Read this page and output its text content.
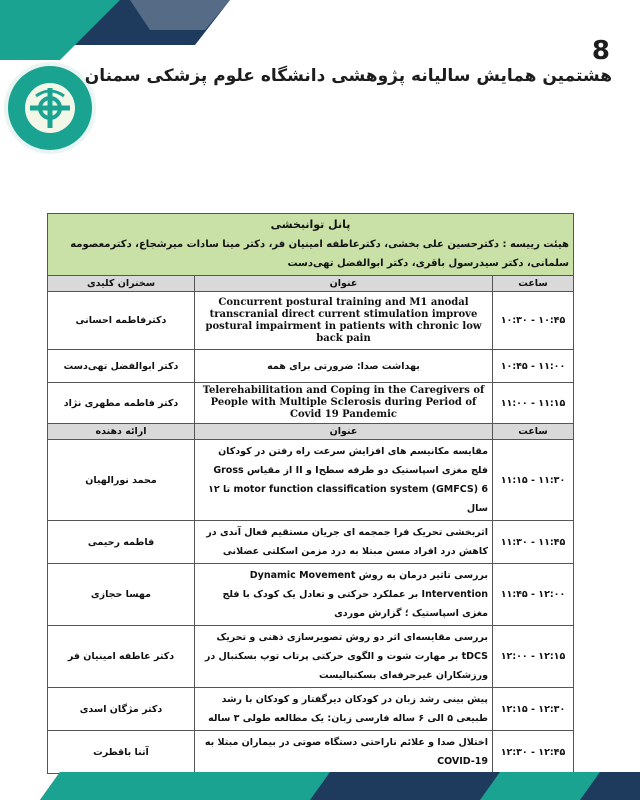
8
هشتمین همایش سالیانه پژوهشی دانشگاه علوم پزشکی سمنان
پانل توانبخشی
هیئت رییسه : دکترحسین علی بخشی، دکترعاطفه امینیان فر، دکتر مینا سادات میرشجاع، دکترمعصومه سلمانی، دکتر سیدرسول باقری، دکتر ابوالفضل تهی‌دست		

ساعت	عنوان	سخنران کلیدی
۱۰:۳۰ - ۱۰:۴۵	Concurrent postural training and M1 anodal transcranial direct current stimulation improve postural impairment in patients with chronic low back pain	دکترفاطمه احسانی
۱۰:۴۵ - ۱۱:۰۰	بهداشت صدا: ضرورتی برای همه	دکتر ابوالفضل تهی‌دست
۱۱:۰۰ - ۱۱:۱۵	Telerehabilitation and Coping in the Caregivers of People with Multiple Sclerosis during Period of Covid 19 Pandemic	دکتر فاطمه مطهری نژاد
ساعت	عنوان	ارائه دهنده
۱۱:۱۵ - ۱۱:۳۰	مقایسه مکانیسم های افزایش سرعت راه رفتن در کودکان فلج مغزی اسپاستیک دو طرفه سطحI و II از مقیاس Gross motor function classification system (GMFCS) 6 تا ۱۲ سال	محمد نورالهیان
۱۱:۳۰ - ۱۱:۴۵	اثربخشی تحریک فرا جمجمه ای جریان مستقیم فعال آندی در کاهش درد افراد مسن مبتلا به درد مزمن اسکلتی عضلانی	فاطمه رحیمی
۱۱:۴۵ - ۱۲:۰۰	بررسی تاثیر درمان به روش Dynamic Movement Intervention بر عملکرد حرکتی و تعادل یک کودک با فلج مغزی اسپاستیک ؛ گزارش موردی	مهسا حجازی
۱۲:۰۰ - ۱۲:۱۵	بررسی مقایسه‌ای اثر دو روش تصویرسازی ذهنی و تحریک tDCS بر مهارت شوت و الگوی حرکتی پرتاب توپ بسکتبال در ورزشکاران غیرحرفه‌ای بسکتبالیست	دکتر عاطفه امینیان فر
۱۲:۱۵ - ۱۲:۳۰	پیش بینی رشد زبان در کودکان دیرگفتار و کودکان با رشد طبیعی ۵ الی ۶ ساله فارسی زبان: یک مطالعه طولی ۳ ساله	دکتر مژگان اسدی
۱۲:۳۰ - ۱۲:۴۵	اختلال صدا و علائم ناراحتی دستگاه صوتی در بیماران مبتلا به COVID-19	آتنا باقطرت
